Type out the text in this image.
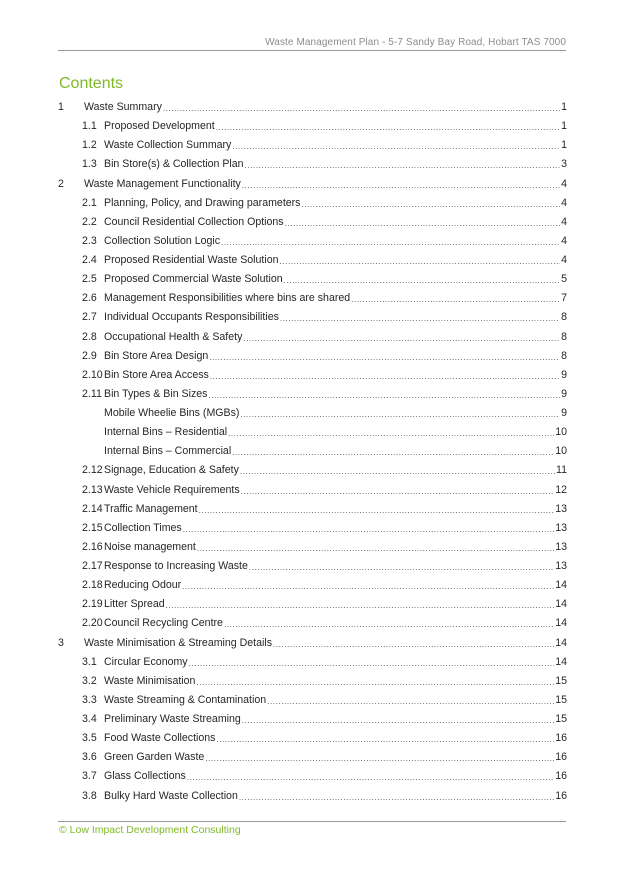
Waste Management Plan - 5-7 Sandy Bay Road, Hobart TAS 7000
Contents
1	Waste Summary .....	1
1.1 Proposed Development .....	1
1.2 Waste Collection Summary .....	1
1.3 Bin Store(s) & Collection Plan .....	3
2	Waste Management Functionality .....	4
2.1 Planning, Policy, and Drawing parameters .....	4
2.2 Council Residential Collection Options .....	4
2.3 Collection Solution Logic .....	4
2.4 Proposed Residential Waste Solution .....	4
2.5 Proposed Commercial Waste Solution .....	5
2.6 Management Responsibilities where bins are shared .....	7
2.7 Individual Occupants Responsibilities .....	8
2.8 Occupational Health & Safety .....	8
2.9 Bin Store Area Design .....	8
2.10 Bin Store Area Access .....	9
2.11 Bin Types & Bin Sizes .....	9
Mobile Wheelie Bins (MGBs) .....	9
Internal Bins – Residential .....	10
Internal Bins – Commercial .....	10
2.12 Signage, Education & Safety .....	11
2.13 Waste Vehicle Requirements .....	12
2.14 Traffic Management .....	13
2.15 Collection Times .....	13
2.16 Noise management .....	13
2.17 Response to Increasing Waste .....	13
2.18 Reducing Odour .....	14
2.19 Litter Spread .....	14
2.20 Council Recycling Centre .....	14
3	Waste Minimisation & Streaming Details .....	14
3.1 Circular Economy .....	14
3.2 Waste Minimisation .....	15
3.3 Waste Streaming & Contamination .....	15
3.4 Preliminary Waste Streaming .....	15
3.5 Food Waste Collections .....	16
3.6 Green Garden Waste .....	16
3.7 Glass Collections .....	16
3.8 Bulky Hard Waste Collection .....	16
© Low Impact Development Consulting
